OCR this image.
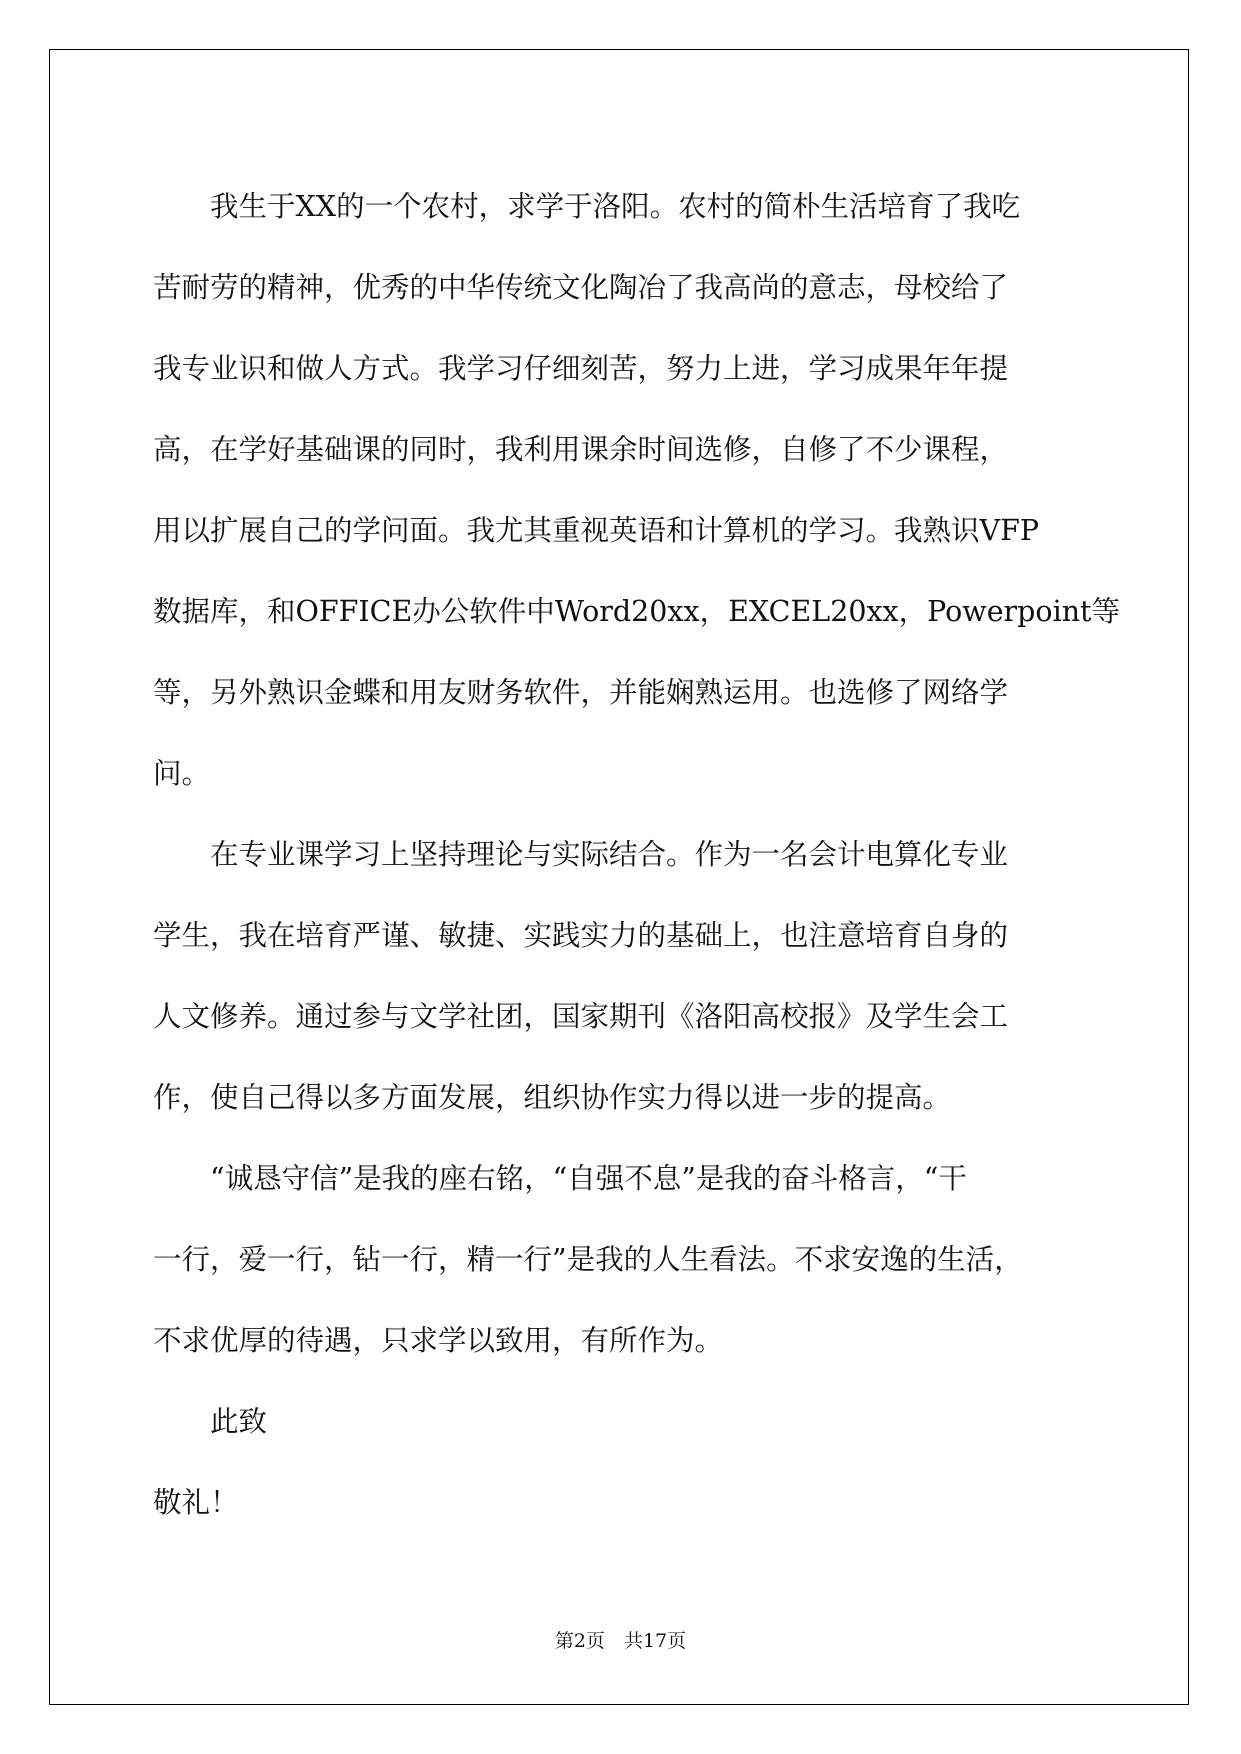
我生于XX的一个农村，求学于洛阳。农村的简朴生活培育了我吃
苦耐劳的精神，优秀的中华传统文化陶冶了我高尚的意志，母校给了
我专业识和做人方式。我学习仔细刻苦，努力上进，学习成果年年提
高，在学好基础课的同时，我利用课余时间选修，自修了不少课程，
用以扩展自己的学问面。我尤其重视英语和计算机的学习。我熟识VFP
数据库，和OFFICE办公软件中Word20xx，EXCEL20xx，Powerpoint等
等，另外熟识金蝶和用友财务软件，并能娴熟运用。也选修了网络学
问。
在专业课学习上坚持理论与实际结合。作为一名会计电算化专业
学生，我在培育严谨、敏捷、实践实力的基础上，也注意培育自身的
人文修养。通过参与文学社团，国家期刊《洛阳高校报》及学生会工
作，使自己得以多方面发展，组织协作实力得以进一步的提高。
“诚恳守信”是我的座右铭，“自强不息”是我的奋斗格言，“干
一行，爱一行，钻一行，精一行”是我的人生看法。不求安逸的生活，
不求优厚的待遇，只求学以致用，有所作为。
此致
敬礼！
第2页　共17页
